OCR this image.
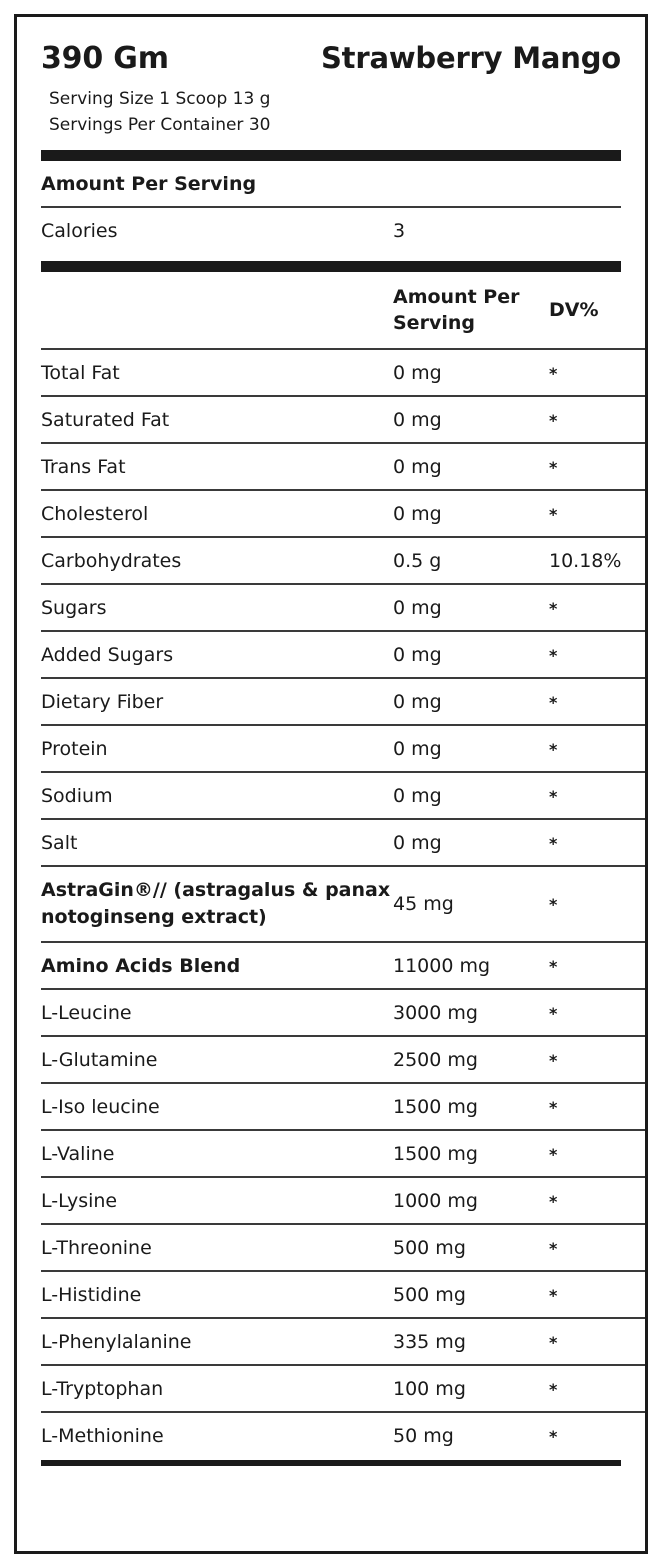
390 Gm	Strawberry Mango
Serving Size 1 Scoop 13 g
Servings Per Container 30
Amount Per Serving
Calories	3	
	Amount Per Serving	DV%
Total Fat	0 mg	*
Saturated Fat	0 mg	*
Trans Fat	0 mg	*
Cholesterol	0 mg	*
Carbohydrates	0.5 g	10.18%
Sugars	0 mg	*
Added Sugars	0 mg	*
Dietary Fiber	0 mg	*
Protein	0 mg	*
Sodium	0 mg	*
Salt	0 mg	*
AstraGin®// (astragalus & panax notoginseng extract)	45 mg	*
Amino Acids Blend	11000 mg	*
L-Leucine	3000 mg	*
L-Glutamine	2500 mg	*
L-Iso leucine	1500 mg	*
L-Valine	1500 mg	*
L-Lysine	1000 mg	*
L-Threonine	500 mg	*
L-Histidine	500 mg	*
L-Phenylalanine	335 mg	*
L-Tryptophan	100 mg	*
L-Methionine	50 mg	*
